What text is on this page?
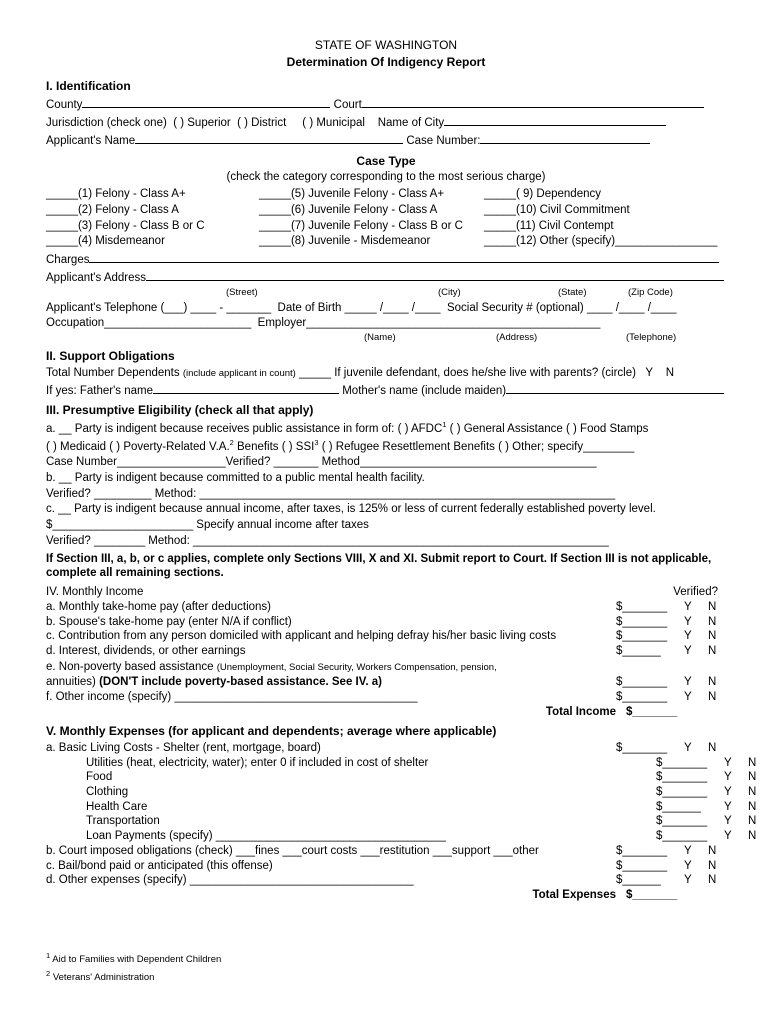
STATE OF WASHINGTON
Determination Of Indigency Report
I. Identification
County	Court
Jurisdiction (check one) ( ) Superior ( ) District ( ) Municipal Name of City
Applicant's Name	Case Number:
Case Type
(check the category corresponding to the most serious charge)
_____(1) Felony - Class A+	_____(5) Juvenile Felony - Class A+	_____( 9) Dependency
_____(2) Felony - Class A	_____(6) Juvenile Felony - Class A	_____(10) Civil Commitment
_____(3) Felony - Class B or C	_____(7) Juvenile Felony - Class B or C	_____(11) Civil Contempt
_____(4) Misdemeanor	_____(8) Juvenile - Misdemeanor	_____(12) Other (specify)________________
Charges
Applicant's Address
(Street)	(City)	(State)	(Zip Code)
Applicant's Telephone (___) ____ - _______ Date of Birth _____ /____ /____ Social Security # (optional) ____ /____ /____
Occupation_______________________ Employer______________________________________________
(Name)	(Address)	(Telephone)
II. Support Obligations
Total Number Dependents (include applicant in count) _____ If juvenile defendant, does he/she live with parents? (circle) Y N
If yes: Father's name	Mother's name (include maiden)
III. Presumptive Eligibility (check all that apply)
a. __ Party is indigent because receives public assistance in form of: ( ) AFDC$^1$ ( ) General Assistance ( ) Food Stamps
( ) Medicaid ( ) Poverty-Related V.A.$^2$ Benefits ( ) SSI$^3$ ( ) Refugee Resettlement Benefits ( ) Other; specify________
Case Number_________________Verified? _______ Method_____________________________________
b. __ Party is indigent because committed to a public mental health facility.
Verified? _________ Method: _________________________________________________________________
c. __ Party is indigent because annual income, after taxes, is 125% or less of current federally established poverty level.
$______________________ Specify annual income after taxes
Verified? ________ Method: _________________________________________________________________
If Section III, a, b, or c applies, complete only Sections VIII, X and XI. Submit report to Court. If Section III is not applicable, complete all remaining sections.
IV. Monthly Income	Verified?
a. Monthly take-home pay (after deductions)	$_______	Y	N
b. Spouse's take-home pay (enter N/A if conflict)	$_______	Y	N
c. Contribution from any person domiciled with applicant and helping defray his/her basic living costs	$_______	Y	N
d. Interest, dividends, or other earnings	$______	Y	N
e. Non-poverty based assistance (Unemployment, Social Security, Workers Compensation, pension,
annuities) (DON'T include poverty-based assistance. See IV. a)	$_______	Y	N
f. Other income (specify) ______________________________________	$_______	Y	N
Total Income $_______
V. Monthly Expenses (for applicant and dependents; average where applicable)
a. Basic Living Costs - Shelter (rent, mortgage, board)	$_______	Y	N
Utilities (heat, electricity, water); enter 0 if included in cost of shelter	$_______	Y	N
Food	$_______	Y	N
Clothing	$_______	Y	N
Health Care	$______	Y	N
Transportation	$_______	Y	N
Loan Payments (specify) ____________________________________	$_______	Y	N
b. Court imposed obligations (check) ___fines ___court costs ___restitution ___support ___other	$_______	Y	N
c. Bail/bond paid or anticipated (this offense)	$_______	Y	N
d. Other expenses (specify) ___________________________________	$______	Y	N
Total Expenses $_______
$^1$ Aid to Families with Dependent Children
$^2$ Veterans' Administration
